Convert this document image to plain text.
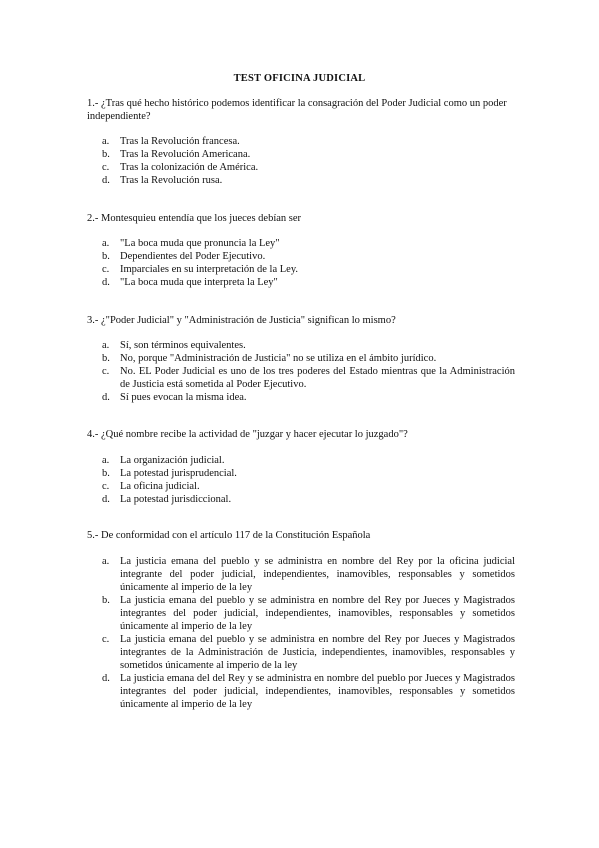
TEST OFICINA JUDICIAL

1.- ¿Tras qué hecho histórico podemos identificar la consagración del Poder Judicial como un poder independiente?

a. Tras la Revolución francesa.
b. Tras la Revolución Americana.
c. Tras la colonización de América.
d. Tras la Revolución rusa.

2.- Montesquieu entendía que los jueces debían ser

a. "La boca muda que pronuncia la Ley"
b. Dependientes del Poder Ejecutivo.
c. Imparciales en su interpretación de la Ley.
d. "La boca muda que interpreta la Ley"

3.- ¿"Poder Judicial" y "Administración de Justicia" significan lo mismo?

a. Sí, son términos equivalentes.
b. No, porque "Administración de Justicia" no se utiliza en el ámbito jurídico.
c. No. EL Poder Judicial es uno de los tres poderes del Estado mientras que la Administración de Justicia está sometida al Poder Ejecutivo.
d. Sí pues evocan la misma idea.

4.- ¿Qué nombre recibe la actividad de "juzgar y hacer ejecutar lo juzgado"?

a. La organización judicial.
b. La potestad jurisprudencial.
c. La oficina judicial.
d. La potestad jurisdiccional.

5.- De conformidad con el artículo 117 de la Constitución Española

a. La justicia emana del pueblo y se administra en nombre del Rey por la oficina judicial integrante del poder judicial, independientes, inamovibles, responsables y sometidos únicamente al imperio de la ley
b. La justicia emana del pueblo y se administra en nombre del Rey por Jueces y Magistrados integrantes del poder judicial, independientes, inamovibles, responsables y sometidos únicamente al imperio de la ley
c. La justicia emana del pueblo y se administra en nombre del Rey por Jueces y Magistrados integrantes de la Administración de Justicia, independientes, inamovibles, responsables y sometidos únicamente al imperio de la ley
d. La justicia emana del del Rey y se administra en nombre del pueblo por Jueces y Magistrados integrantes del poder judicial, independientes, inamovibles, responsables y sometidos únicamente al imperio de la ley
